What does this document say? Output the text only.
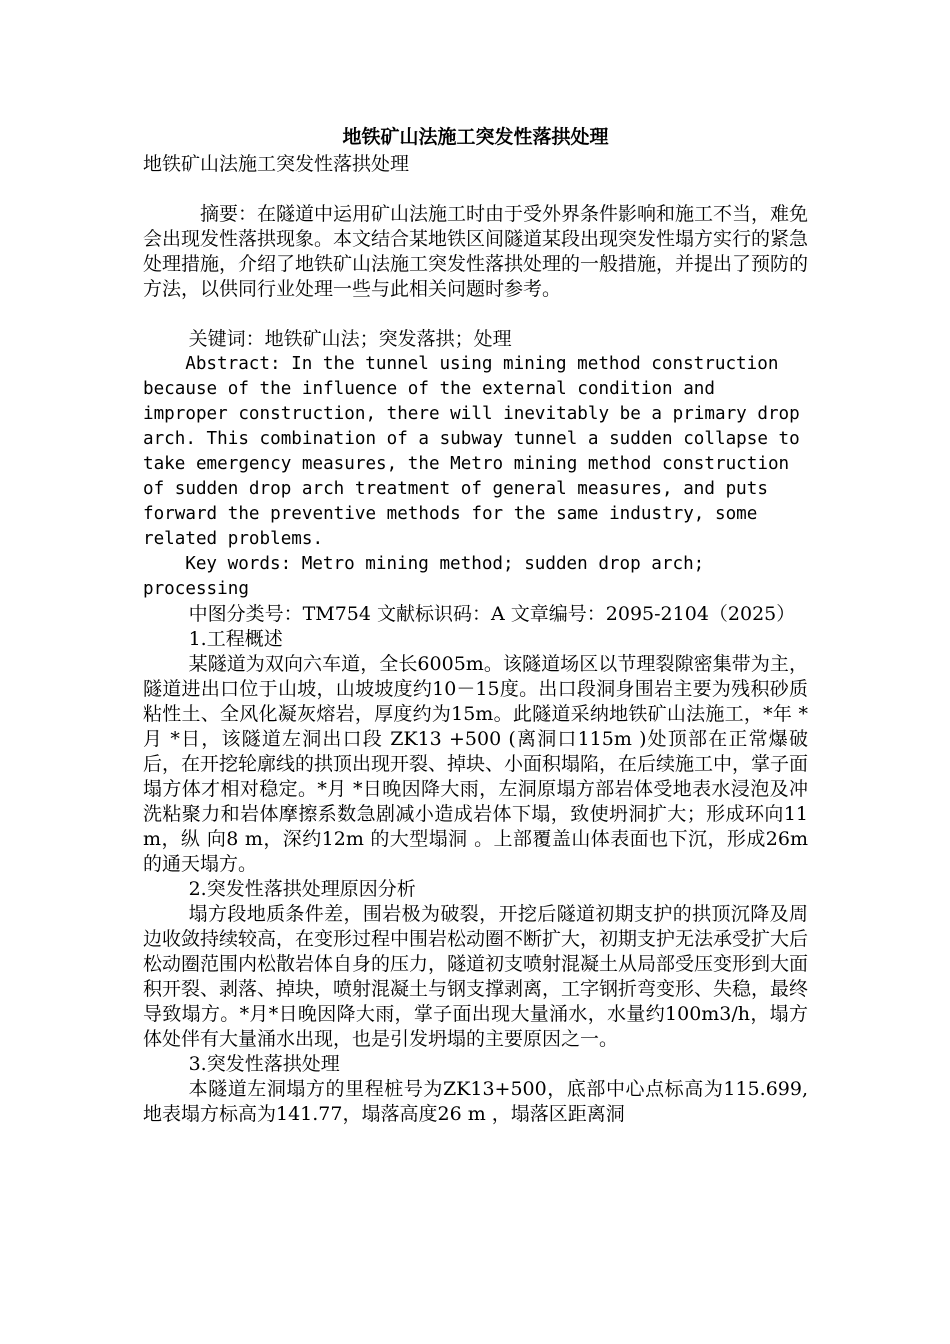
地铁矿山法施工突发性落拱处理
地铁矿山法施工突发性落拱处理

摘要：在隧道中运用矿山法施工时由于受外界条件影响和施工不当，难免会出现发性落拱现象。本文结合某地铁区间隧道某段出现突发性塌方实行的紧急处理措施，介绍了地铁矿山法施工突发性落拱处理的一般措施，并提出了预防的方法，以供同行业处理一些与此相关问题时参考。

关键词：地铁矿山法；突发落拱；处理

Abstract: In the tunnel using mining method construction because of the influence of the external condition and improper construction, there will inevitably be a primary drop arch. This combination of a subway tunnel a sudden collapse to take emergency measures, the Metro mining method construction of sudden drop arch treatment of general measures, and puts forward the preventive methods for the same industry, some related problems.

Key words: Metro mining method; sudden drop arch; processing

中图分类号：TM754 文献标识码：A 文章编号：2095-2104（2025）

1.工程概述

某隧道为双向六车道，全长6005m。该隧道场区以节理裂隙密集带为主，隧道进出口位于山坡，山坡坡度约10－15度。出口段洞身围岩主要为残积砂质粘性土、全风化凝灰熔岩，厚度约为15m。此隧道采纳地铁矿山法施工，*年 *月 *日，该隧道左洞出口段 ZK13 +500 (离洞口115m )处顶部在正常爆破后，在开挖轮廓线的拱顶出现开裂、掉块、小面积塌陷，在后续施工中，掌子面塌方体才相对稳定。*月 *日晚因降大雨，左洞原塌方部岩体受地表水浸泡及冲洗粘聚力和岩体摩擦系数急剧减小造成岩体下塌，致使坍洞扩大；形成环向11m，纵 向8 m，深约12m 的大型塌洞 。上部覆盖山体表面也下沉，形成26m的通天塌方。

2.突发性落拱处理原因分析

塌方段地质条件差，围岩极为破裂，开挖后隧道初期支护的拱顶沉降及周边收敛持续较高，在变形过程中围岩松动圈不断扩大，初期支护无法承受扩大后松动圈范围内松散岩体自身的压力，隧道初支喷射混凝土从局部受压变形到大面积开裂、剥落、掉块，喷射混凝土与钢支撑剥离，工字钢折弯变形、失稳，最终导致塌方。*月*日晚因降大雨，掌子面出现大量涌水，水量约100m3/h，塌方体处伴有大量涌水出现，也是引发坍塌的主要原因之一。

3.突发性落拱处理

本隧道左洞塌方的里程桩号为ZK13+500，底部中心点标高为115.699,地表塌方标高为141.77，塌落高度26 m ，塌落区距离洞
